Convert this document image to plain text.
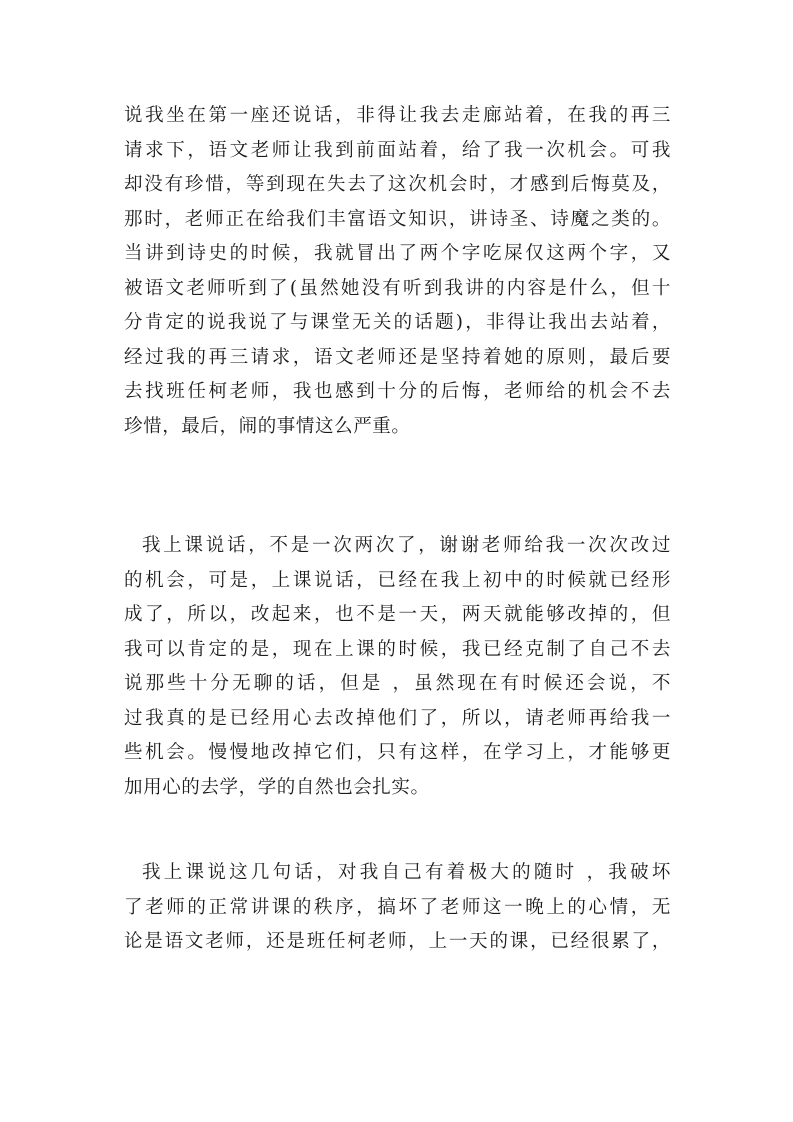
说我坐在第一座还说话，非得让我去走廊站着，在我的再三
请求下，语文老师让我到前面站着，给了我一次机会。可我
却没有珍惜，等到现在失去了这次机会时，才感到后悔莫及，
那时，老师正在给我们丰富语文知识，讲诗圣、诗魔之类的。
当讲到诗史的时候，我就冒出了两个字吃屎仅这两个字，又
被语文老师听到了(虽然她没有听到我讲的内容是什么，但十
分肯定的说我说了与课堂无关的话题)，非得让我出去站着，
经过我的再三请求，语文老师还是坚持着她的原则，最后要
去找班任柯老师，我也感到十分的后悔，老师给的机会不去
珍惜，最后，闹的事情这么严重。
我上课说话，不是一次两次了，谢谢老师给我一次次改过
的机会，可是，上课说话，已经在我上初中的时候就已经形
成了，所以，改起来，也不是一天，两天就能够改掉的，但
我可以肯定的是，现在上课的时候，我已经克制了自己不去
说那些十分无聊的话，但是 ，虽然现在有时候还会说，不
过我真的是已经用心去改掉他们了，所以，请老师再给我一
些机会。慢慢地改掉它们，只有这样，在学习上，才能够更
加用心的去学，学的自然也会扎实。
我上课说这几句话，对我自己有着极大的随时 ，我破坏
了老师的正常讲课的秩序，搞坏了老师这一晚上的心情，无
论是语文老师，还是班任柯老师，上一天的课，已经很累了，
